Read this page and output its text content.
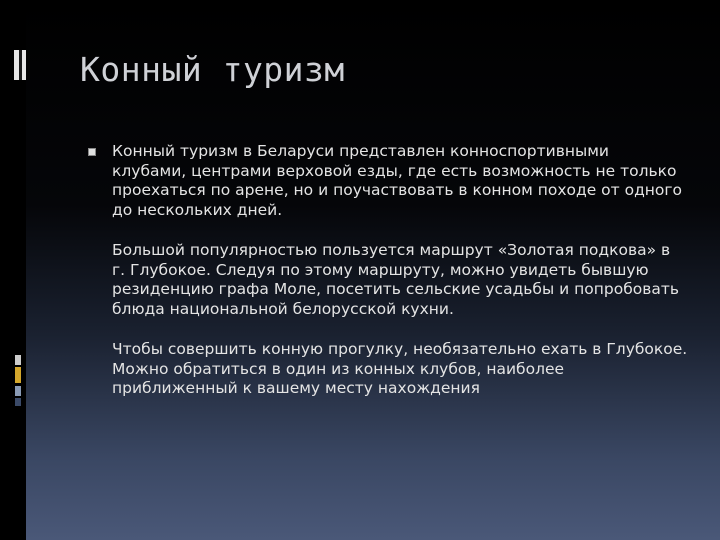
Конный туризм

Конный туризм в Беларуси представлен конноспортивными клубами, центрами верховой езды, где есть возможность не только проехаться по арене, но и поучаствовать в конном походе от одного до нескольких дней.

Большой популярностью пользуется маршрут «Золотая подкова» в г. Глубокое. Следуя по этому маршруту, можно увидеть бывшую резиденцию графа Моле, посетить сельские усадьбы и попробовать блюда национальной белорусской кухни.

Чтобы совершить конную прогулку, необязательно ехать в Глубокое. Можно обратиться в один из конных клубов, наиболее приближенный к вашему месту нахождения
